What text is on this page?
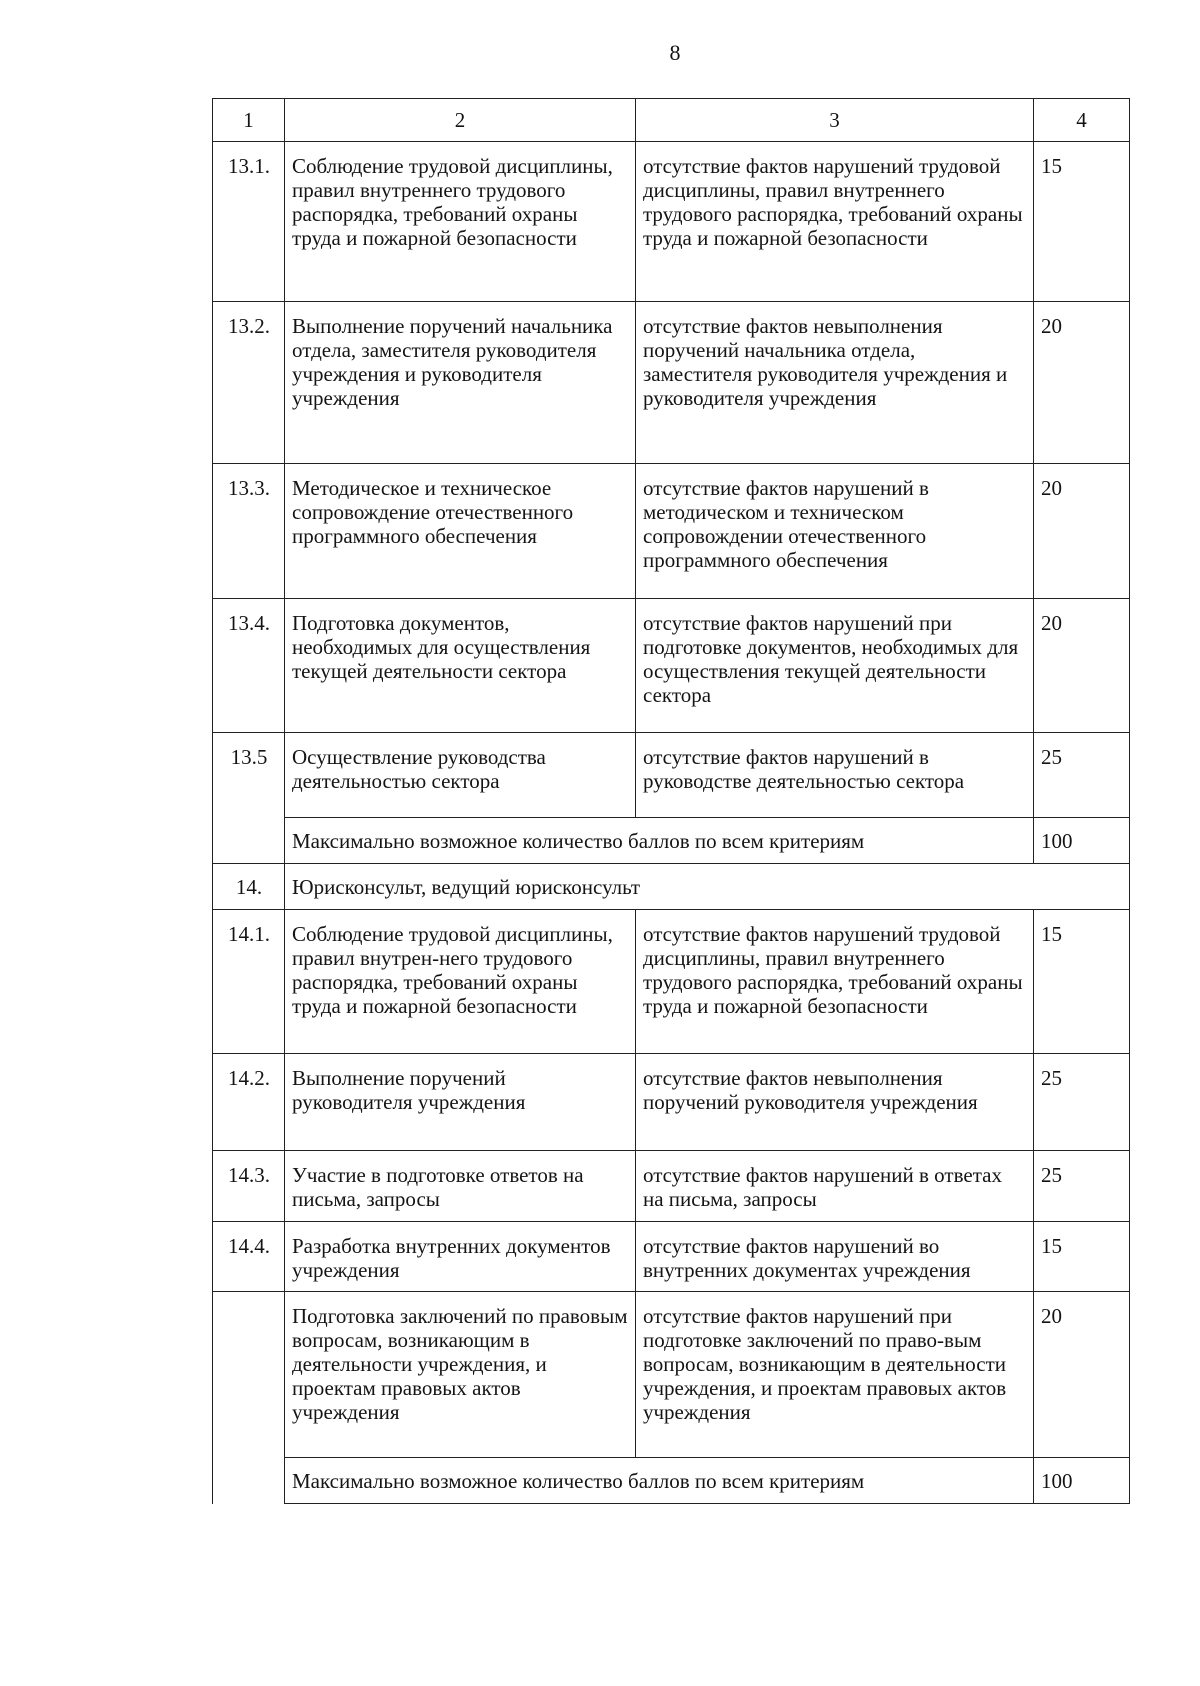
8
1	2	3	4
13.1.	Соблюдение трудовой дисциплины, правил внутреннего трудового распорядка, требований охраны труда и пожарной безопасности	отсутствие фактов нарушений трудовой дисциплины, правил внутреннего трудового распорядка, требований охраны труда и пожарной безопасности	15
13.2.	Выполнение поручений начальника отдела, заместителя руководителя учреждения и руководителя учреждения	отсутствие фактов невыполнения поручений начальника отдела, заместителя руководителя учреждения и руководителя учреждения	20
13.3.	Методическое и техническое сопровождение отечественного программного обеспечения	отсутствие фактов нарушений в методическом и техническом сопровождении отечественного программного обеспечения	20
13.4.	Подготовка документов, необходимых для осуществления текущей деятельности сектора	отсутствие фактов нарушений при подготовке документов, необходимых для осуществления текущей деятельности сектора	20
13.5	Осуществление руководства деятельностью сектора	отсутствие фактов нарушений в руководстве деятельностью сектора	25
	Максимально возможное количество баллов по всем критериям		100
14.	Юрисконсульт, ведущий юрисконсульт		
14.1.	Соблюдение трудовой дисциплины, правил внутрен-него трудового распорядка, требований охраны труда и пожарной безопасности	отсутствие фактов нарушений трудовой дисциплины, правил внутреннего трудового распорядка, требований охраны труда и пожарной безопасности	15
14.2.	Выполнение поручений руководителя учреждения	отсутствие фактов невыполнения поручений руководителя учреждения	25
14.3.	Участие в подготовке ответов на письма, запросы	отсутствие фактов нарушений в ответах на письма, запросы	25
14.4.	Разработка внутренних документов учреждения	отсутствие фактов нарушений во внутренних документах учреждения	15
	Подготовка заключений по правовым вопросам, возникающим в деятельности учреждения, и проектам правовых актов учреждения	отсутствие фактов нарушений при подготовке заключений по право-вым вопросам, возникающим в деятельности учреждения, и проектам правовых актов учреждения	20
	Максимально возможное количество баллов по всем критериям		100
